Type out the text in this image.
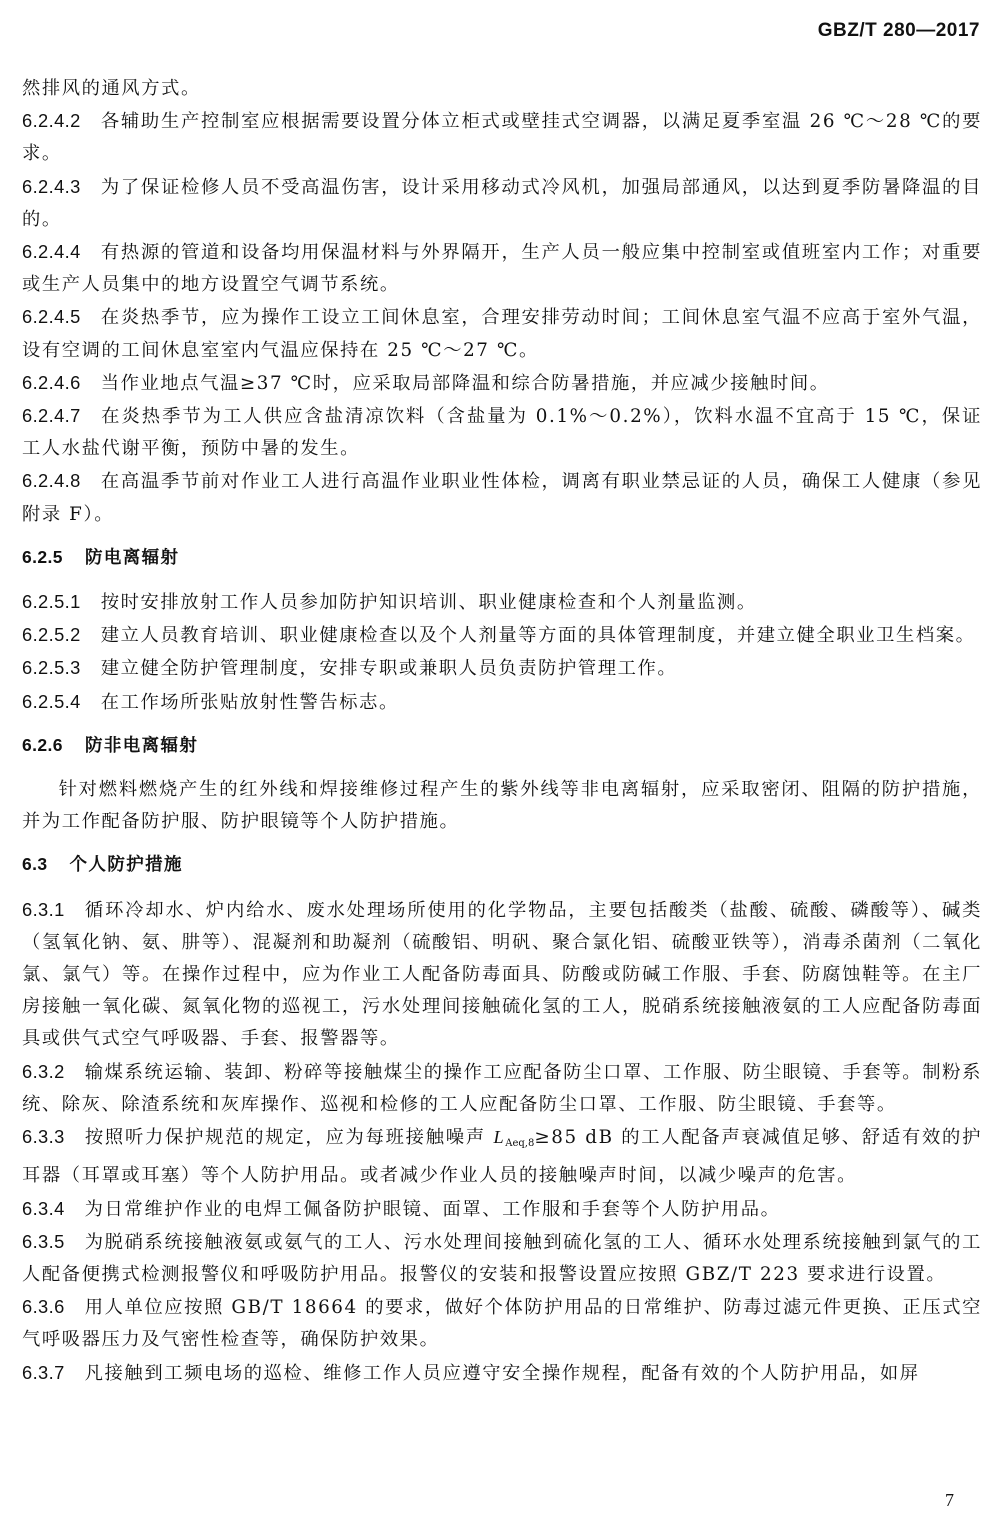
GBZ/T 280—2017

然排风的通风方式。

6.2.4.2 各辅助生产控制室应根据需要设置分体立柜式或壁挂式空调器，以满足夏季室温 26 ℃～28 ℃的要求。

6.2.4.3 为了保证检修人员不受高温伤害，设计采用移动式冷风机，加强局部通风，以达到夏季防暑降温的目的。

6.2.4.4 有热源的管道和设备均用保温材料与外界隔开，生产人员一般应集中控制室或值班室内工作；对重要或生产人员集中的地方设置空气调节系统。

6.2.4.5 在炎热季节，应为操作工设立工间休息室，合理安排劳动时间；工间休息室气温不应高于室外气温，设有空调的工间休息室室内气温应保持在 25 ℃～27 ℃。

6.2.4.6 当作业地点气温≥37 ℃时，应采取局部降温和综合防暑措施，并应减少接触时间。

6.2.4.7 在炎热季节为工人供应含盐清凉饮料（含盐量为 0.1%～0.2%），饮料水温不宜高于 15 ℃，保证工人水盐代谢平衡，预防中暑的发生。

6.2.4.8 在高温季节前对作业工人进行高温作业职业性体检，调离有职业禁忌证的人员，确保工人健康（参见附录 F）。

6.2.5 防电离辐射

6.2.5.1 按时安排放射工作人员参加防护知识培训、职业健康检查和个人剂量监测。

6.2.5.2 建立人员教育培训、职业健康检查以及个人剂量等方面的具体管理制度，并建立健全职业卫生档案。

6.2.5.3 建立健全防护管理制度，安排专职或兼职人员负责防护管理工作。

6.2.5.4 在工作场所张贴放射性警告标志。

6.2.6 防非电离辐射

针对燃料燃烧产生的红外线和焊接维修过程产生的紫外线等非电离辐射，应采取密闭、阻隔的防护措施，并为工作配备防护服、防护眼镜等个人防护措施。

6.3 个人防护措施

6.3.1 循环冷却水、炉内给水、废水处理场所使用的化学物品，主要包括酸类（盐酸、硫酸、磷酸等）、碱类（氢氧化钠、氨、肼等）、混凝剂和助凝剂（硫酸铝、明矾、聚合氯化铝、硫酸亚铁等），消毒杀菌剂（二氧化氯、氯气）等。在操作过程中，应为作业工人配备防毒面具、防酸或防碱工作服、手套、防腐蚀鞋等。在主厂房接触一氧化碳、氮氧化物的巡视工，污水处理间接触硫化氢的工人，脱硝系统接触液氨的工人应配备防毒面具或供气式空气呼吸器、手套、报警器等。

6.3.2 输煤系统运输、装卸、粉碎等接触煤尘的操作工应配备防尘口罩、工作服、防尘眼镜、手套等。制粉系统、除灰、除渣系统和灰库操作、巡视和检修的工人应配备防尘口罩、工作服、防尘眼镜、手套等。

6.3.3 按照听力保护规范的规定，应为每班接触噪声 $L_{Aeq,8}\ge 85$ dB 的工人配备声衰减值足够、舒适有效的护耳器（耳罩或耳塞）等个人防护用品。或者减少作业人员的接触噪声时间，以减少噪声的危害。

6.3.4 为日常维护作业的电焊工佩备防护眼镜、面罩、工作服和手套等个人防护用品。

6.3.5 为脱硝系统接触液氨或氨气的工人、污水处理间接触到硫化氢的工人、循环水处理系统接触到氯气的工人配备便携式检测报警仪和呼吸防护用品。报警仪的安装和报警设置应按照 GBZ/T 223 要求进行设置。

6.3.6 用人单位应按照 GB/T 18664 的要求，做好个体防护用品的日常维护、防毒过滤元件更换、正压式空气呼吸器压力及气密性检查等，确保防护效果。

6.3.7 凡接触到工频电场的巡检、维修工作人员应遵守安全操作规程，配备有效的个人防护用品，如屏

7
